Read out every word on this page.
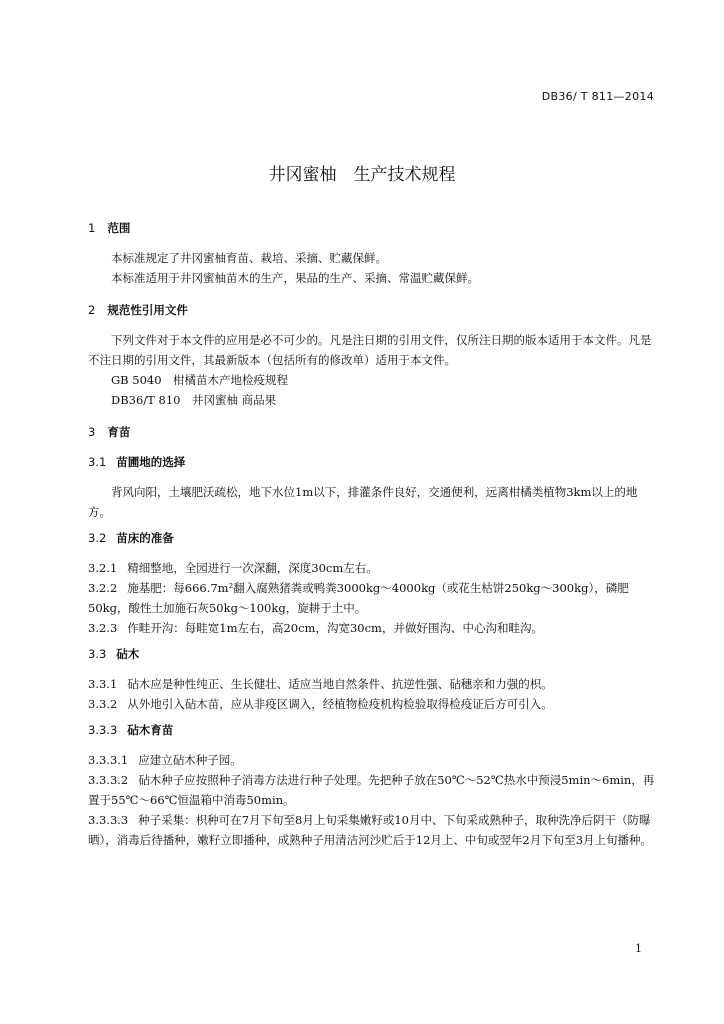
DB36/ T 811—2014
井冈蜜柚　生产技术规程
1 范围
本标准规定了井冈蜜柚育苗、栽培、采摘、贮藏保鲜。
本标准适用于井冈蜜柚苗木的生产，果品的生产、采摘、常温贮藏保鲜。
2 规范性引用文件
下列文件对于本文件的应用是必不可少的。凡是注日期的引用文件，仅所注日期的版本适用于本文件。凡是不注日期的引用文件，其最新版本（包括所有的修改单）适用于本文件。
GB 5040　柑橘苗木产地检疫规程
DB36/T 810　井冈蜜柚 商品果
3 育苗
3.1 苗圃地的选择
背风向阳，土壤肥沃疏松，地下水位1m以下，排灌条件良好，交通便利，远离柑橘类植物3km以上的地方。
3.2 苗床的准备
3.2.1 精细整地，全园进行一次深翻，深度30cm左右。
3.2.2 施基肥：每666.7m²翻入腐熟猪粪或鸭粪3000kg～4000kg（或花生枯饼250kg～300kg），磷肥50kg，酸性土加施石灰50kg～100kg，旋耕于土中。
3.2.3 作畦开沟：每畦宽1m左右，高20cm，沟宽30cm，并做好围沟、中心沟和畦沟。
3.3 砧木
3.3.1 砧木应是种性纯正、生长健壮、适应当地自然条件、抗逆性强、砧穗亲和力强的枳。
3.3.2 从外地引入砧木苗，应从非疫区调入，经植物检疫机构检验取得检疫证后方可引入。
3.3.3 砧木育苗
3.3.3.1 应建立砧木种子园。
3.3.3.2 砧木种子应按照种子消毒方法进行种子处理。先把种子放在50℃～52℃热水中预浸5min～6min，再置于55℃～66℃恒温箱中消毒50min。
3.3.3.3 种子采集：枳种可在7月下旬至8月上旬采集嫩籽或10月中、下旬采成熟种子，取种洗净后阴干（防曝晒），消毒后待播种，嫩籽立即播种，成熟种子用清洁河沙贮后于12月上、中旬或翌年2月下旬至3月上旬播种。
1
